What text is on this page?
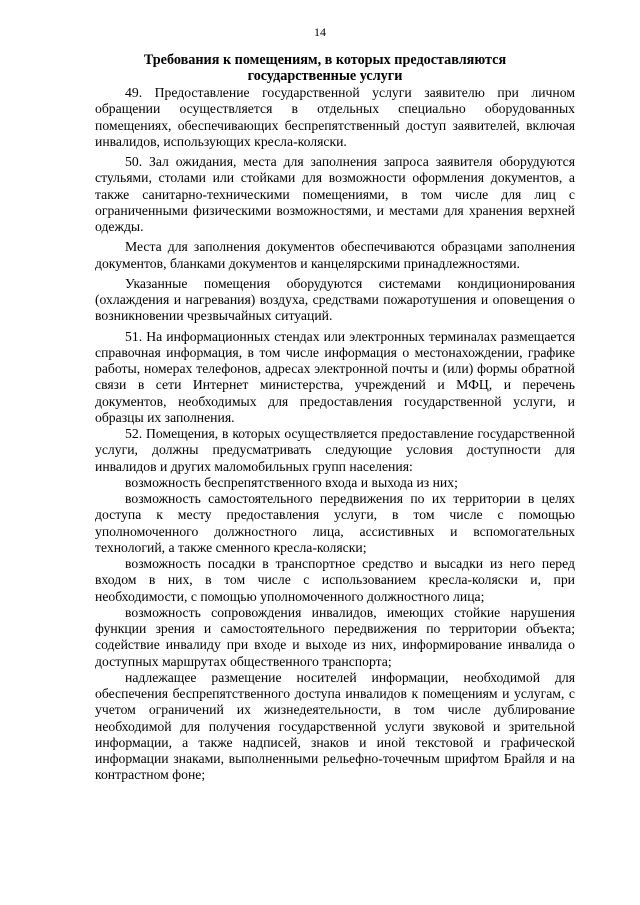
14
Требования к помещениям, в которых предоставляются
государственные услуги

49. Предоставление государственной услуги заявителю при личном обращении осуществляется в отдельных специально оборудованных помещениях, обеспечивающих беспрепятственный доступ заявителей, включая инвалидов, использующих кресла-коляски.

50. Зал ожидания, места для заполнения запроса заявителя оборудуются стульями, столами или стойками для возможности оформления документов, а также санитарно-техническими помещениями, в том числе для лиц с ограниченными физическими возможностями, и местами для хранения верхней одежды.

Места для заполнения документов обеспечиваются образцами заполнения документов, бланками документов и канцелярскими принадлежностями.

Указанные помещения оборудуются системами кондиционирования (охлаждения и нагревания) воздуха, средствами пожаротушения и оповещения о возникновении чрезвычайных ситуаций.

51. На информационных стендах или электронных терминалах размещается справочная информация, в том числе информация о местонахождении, графике работы, номерах телефонов, адресах электронной почты и (или) формы обратной связи в сети Интернет министерства, учреждений и МФЦ, и перечень документов, необходимых для предоставления государственной услуги, и образцы их заполнения.

52. Помещения, в которых осуществляется предоставление государственной услуги, должны предусматривать следующие условия доступности для инвалидов и других маломобильных групп населения:

возможность беспрепятственного входа и выхода из них;

возможность самостоятельного передвижения по их территории в целях доступа к месту предоставления услуги, в том числе с помощью уполномоченного должностного лица, ассистивных и вспомогательных технологий, а также сменного кресла-коляски;

возможность посадки в транспортное средство и высадки из него перед входом в них, в том числе с использованием кресла-коляски и, при необходимости, с помощью уполномоченного должностного лица;

возможность сопровождения инвалидов, имеющих стойкие нарушения функции зрения и самостоятельного передвижения по территории объекта; содействие инвалиду при входе и выходе из них, информирование инвалида о доступных маршрутах общественного транспорта;

надлежащее размещение носителей информации, необходимой для обеспечения беспрепятственного доступа инвалидов к помещениям и услугам, с учетом ограничений их жизнедеятельности, в том числе дублирование необходимой для получения государственной услуги звуковой и зрительной информации, а также надписей, знаков и иной текстовой и графической информации знаками, выполненными рельефно-точечным шрифтом Брайля и на контрастном фоне;
